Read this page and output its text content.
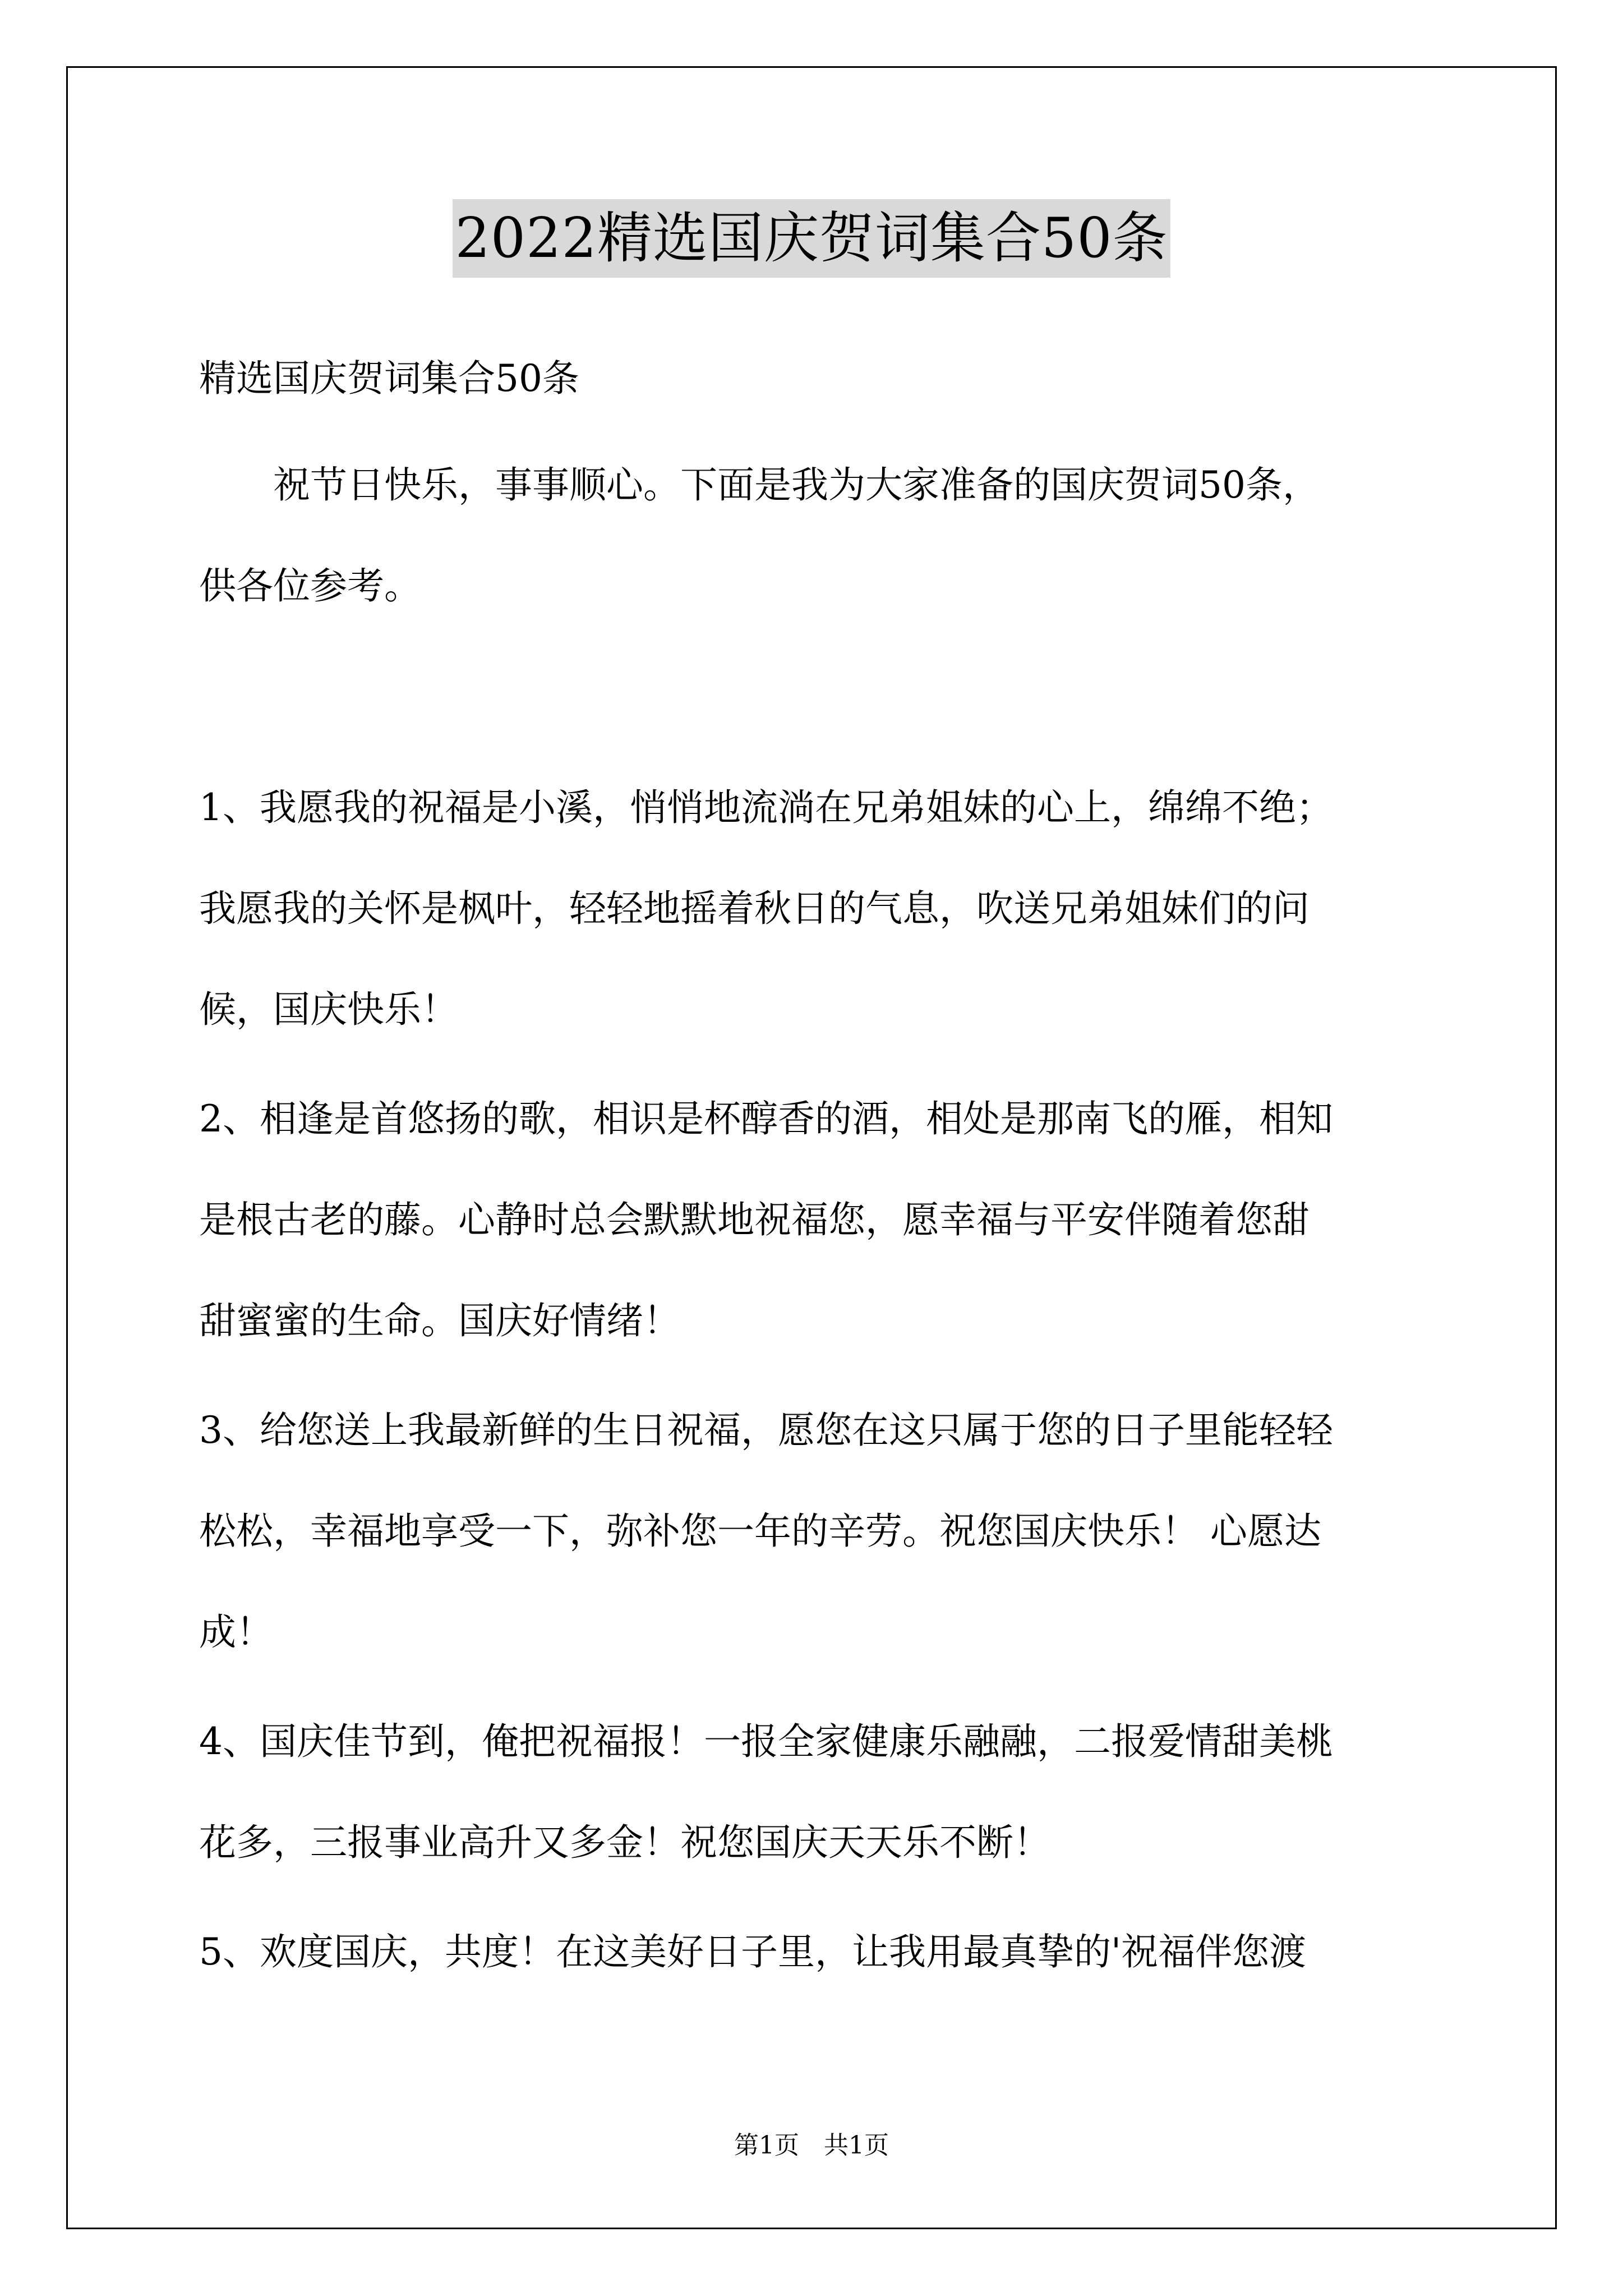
2022精选国庆贺词集合50条
精选国庆贺词集合50条
　　祝节日快乐，事事顺心。下面是我为大家准备的国庆贺词50条，
供各位参考。
1、我愿我的祝福是小溪，悄悄地流淌在兄弟姐妹的心上，绵绵不绝；
我愿我的关怀是枫叶，轻轻地摇着秋日的气息，吹送兄弟姐妹们的问
候，国庆快乐！
2、相逢是首悠扬的歌，相识是杯醇香的酒，相处是那南飞的雁，相知
是根古老的藤。心静时总会默默地祝福您，愿幸福与平安伴随着您甜
甜蜜蜜的生命。国庆好情绪！
3、给您送上我最新鲜的生日祝福，愿您在这只属于您的日子里能轻轻
松松，幸福地享受一下，弥补您一年的辛劳。祝您国庆快乐！ 心愿达
成！
4、国庆佳节到，俺把祝福报！一报全家健康乐融融，二报爱情甜美桃
花多，三报事业高升又多金！祝您国庆天天乐不断！
5、欢度国庆，共度！在这美好日子里，让我用最真挚的'祝福伴您渡
第1页　共1页
